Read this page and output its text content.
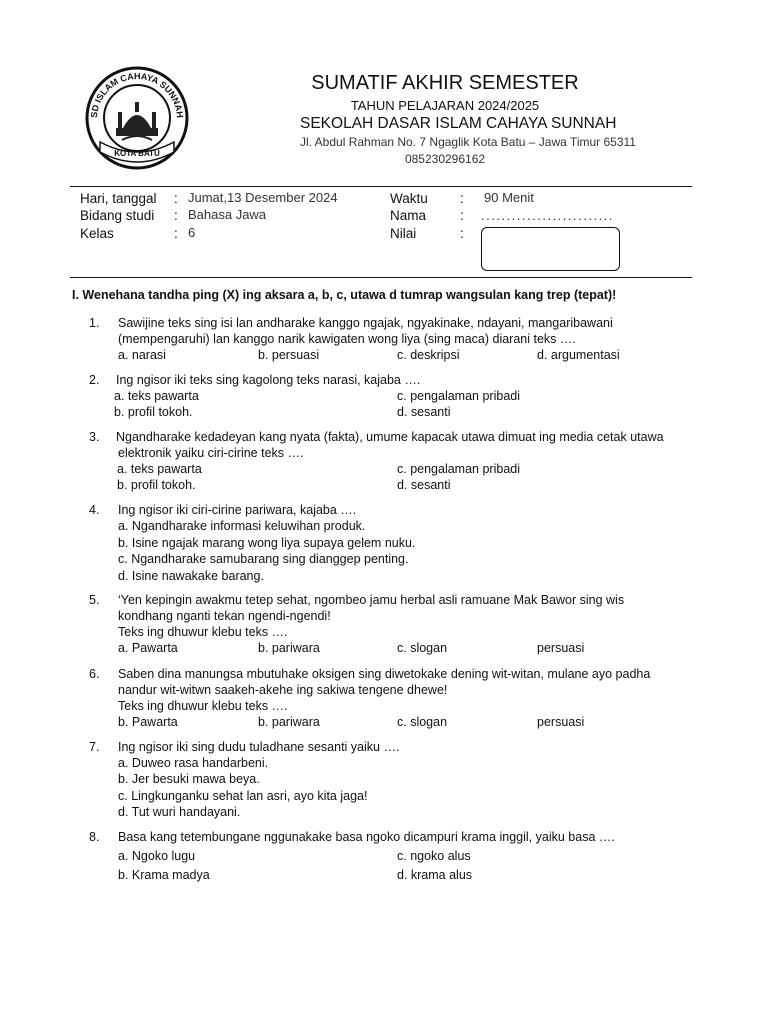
SD ISLAM CAHAYA SUNNAH
KOTA BATU
SUMATIF AKHIR SEMESTER
TAHUN PELAJARAN 2024/2025
SEKOLAH DASAR ISLAM CAHAYA SUNNAH
Jl. Abdul Rahman No. 7 Ngaglik Kota Batu – Jawa Timur 65311
085230296162
Hari, tanggal : Jumat,13 Desember 2024
Bidang studi : Bahasa Jawa
Kelas	: 6
Waktu : 90 Menit
Nama	: ..........................
Nilai	:
I. Wenehana tandha ping (X) ing aksara a, b, c, utawa d tumrap wangsulan kang trep (tepat)!
1. Sawijine teks sing isi lan andharake kanggo ngajak, ngyakinake, ndayani, mangaribawani
(mempengaruhi) lan kanggo narik kawigaten wong liya (sing maca) diarani teks ….
a. narasi	b. persuasi	c. deskripsi	d. argumentasi
2. Ing ngisor iki teks sing kagolong teks narasi, kajaba ….
a. teks pawarta	c. pengalaman pribadi
b. profil tokoh.	d. sesanti
3. Ngandharake kedadeyan kang nyata (fakta), umume kapacak utawa dimuat ing media cetak utawa
elektronik yaiku ciri-cirine teks ….
a. teks pawarta	c. pengalaman pribadi
b. profil tokoh.	d. sesanti
4. Ing ngisor iki ciri-cirine pariwara, kajaba ….
a. Ngandharake informasi keluwihan produk.
b. Isine ngajak marang wong liya supaya gelem nuku.
c. Ngandharake samubarang sing dianggep penting.
d. Isine nawakake barang.
5. ‘Yen kepingin awakmu tetep sehat, ngombeo jamu herbal asli ramuane Mak Bawor sing wis
kondhang nganti tekan ngendi-ngendi!
Teks ing dhuwur klebu teks ….
a. Pawarta	b. pariwara	c. slogan	persuasi
6. Saben dina manungsa mbutuhake oksigen sing diwetokake dening wit-witan, mulane ayo padha
nandur wit-witwn saakeh-akehe ing sakiwa tengene dhewe!
Teks ing dhuwur klebu teks ….
b. Pawarta	b. pariwara	c. slogan	persuasi
7. Ing ngisor iki sing dudu tuladhane sesanti yaiku ….
a. Duweo rasa handarbeni.
b. Jer besuki mawa beya.
c. Lingkunganku sehat lan asri, ayo kita jaga!
d. Tut wuri handayani.
8. Basa kang tetembungane nggunakake basa ngoko dicampuri krama inggil, yaiku basa ….
a. Ngoko lugu	c. ngoko alus
b. Krama madya	d. krama alus
